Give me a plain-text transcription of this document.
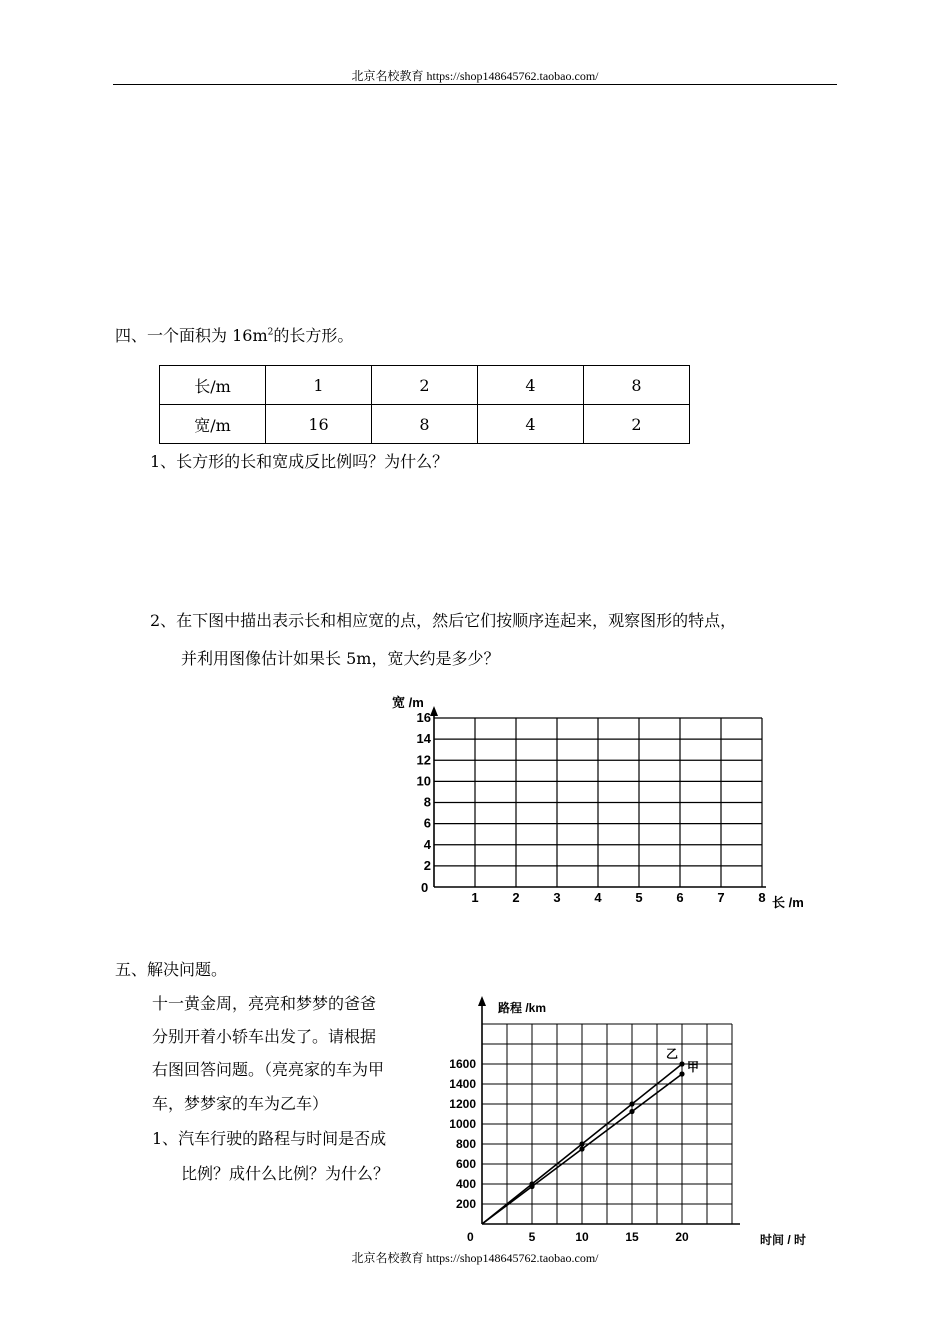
北京名校教育 https://shop148645762.taobao.com/
四、一个面积为 $16m^2$的长方形。
长/m	1	2	4	8
宽/m	16	8	4	2
1、长方形的长和宽成反比例吗？为什么？
2、在下图中描出表示长和相应宽的点，然后它们按顺序连起来，观察图形的特点，
并利用图像估计如果长 5m，宽大约是多少？
0
1	2	3	4	5	6	7	8
2
4
6
8
10
12
14
16
宽 /m
长 /m
五、解决问题。
十一黄金周，亮亮和梦梦的爸爸
分别开着小轿车出发了。请根据
右图回答问题。（亮亮家的车为甲
车，梦梦家的车为乙车）
1、汽车行驶的路程与时间是否成
比例？成什么比例？为什么？
5	10	15	20
200
400
600
800
1000
1200
1400
1600
乙
甲
路程 /km
时间 / 时
0
北京名校教育 https://shop148645762.taobao.com/
